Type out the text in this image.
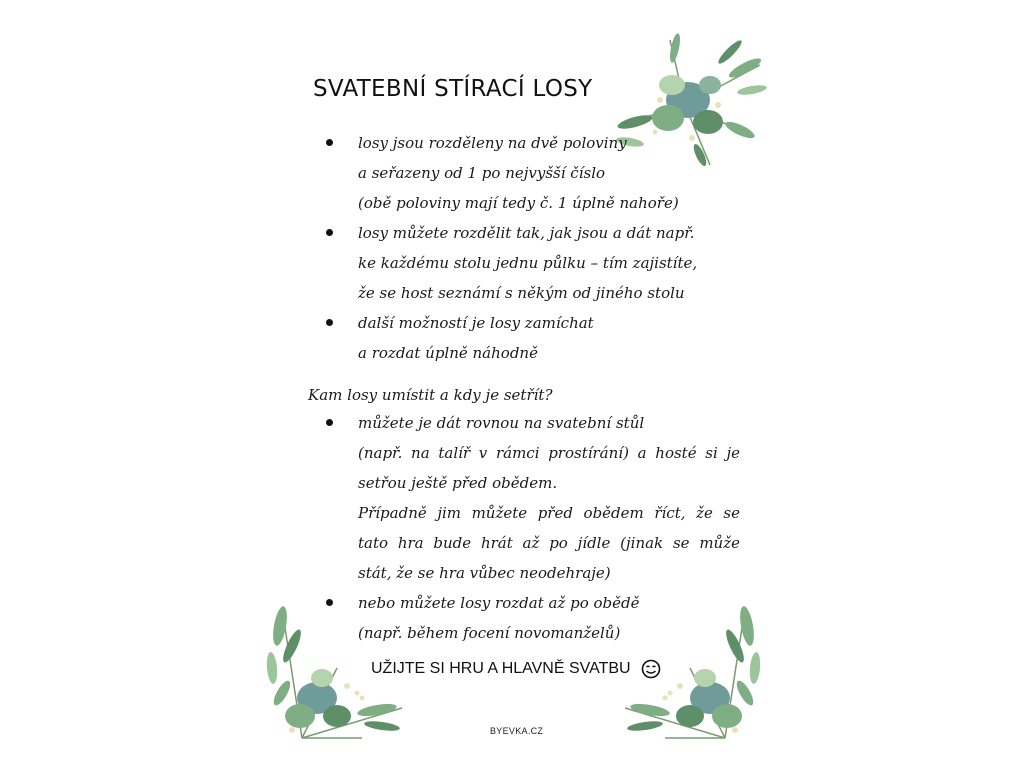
SVATEBNÍ STÍRACÍ LOSY
losy jsou rozděleny na dvě poloviny
a seřazeny od 1 po nejvyšší číslo
(obě poloviny mají tedy č. 1 úplně nahoře)
losy můžete rozdělit tak, jak jsou a dát např.
ke každému stolu jednu půlku – tím zajistíte,
že se host seznámí s někým od jiného stolu
další možností je losy zamíchat
a rozdat úplně náhodně
Kam losy umístit a kdy je setřít?
můžete je dát rovnou na svatební stůl
(např. na talíř v rámci prostírání) a hosté si je
setřou ještě před obědem.
Případně jim můžete před obědem říct, že se
tato hra bude hrát až po jídle (jinak se může
stát, že se hra vůbec neodehraje)
nebo můžete losy rozdat až po obědě
(např. během focení novomanželů)
UŽIJTE SI HRU A HLAVNĚ SVATBU
BYEVKA.CZ
